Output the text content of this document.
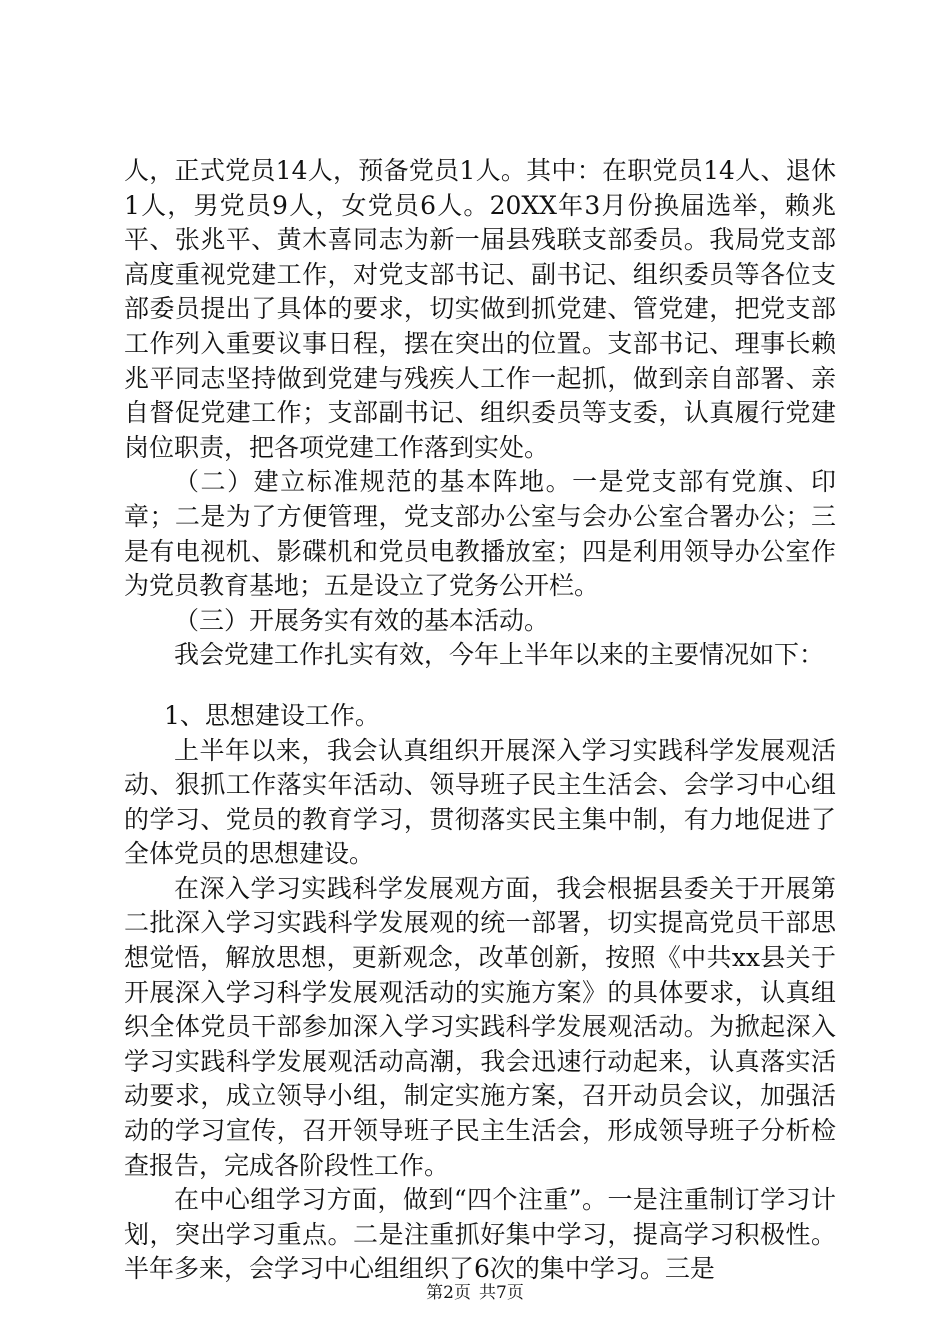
人，正式党员14人，预备党员1人。其中：在职党员14人、退休1人，男党员9人，女党员6人。20XX年3月份换届选举，赖兆平、张兆平、黄木喜同志为新一届县残联支部委员。我局党支部高度重视党建工作，对党支部书记、副书记、组织委员等各位支部委员提出了具体的要求，切实做到抓党建、管党建，把党支部工作列入重要议事日程，摆在突出的位置。支部书记、理事长赖兆平同志坚持做到党建与残疾人工作一起抓，做到亲自部署、亲自督促党建工作；支部副书记、组织委员等支委，认真履行党建岗位职责，把各项党建工作落到实处。

（二）建立标准规范的基本阵地。一是党支部有党旗、印章；二是为了方便管理，党支部办公室与会办公室合署办公；三是有电视机、影碟机和党员电教播放室；四是利用领导办公室作为党员教育基地；五是设立了党务公开栏。

（三）开展务实有效的基本活动。

我会党建工作扎实有效，今年上半年以来的主要情况如下：

1、思想建设工作。

上半年以来，我会认真组织开展深入学习实践科学发展观活动、狠抓工作落实年活动、领导班子民主生活会、会学习中心组的学习、党员的教育学习，贯彻落实民主集中制，有力地促进了全体党员的思想建设。

在深入学习实践科学发展观方面，我会根据县委关于开展第二批深入学习实践科学发展观的统一部署，切实提高党员干部思想觉悟，解放思想，更新观念，改革创新，按照《中共xx县关于开展深入学习科学发展观活动的实施方案》的具体要求，认真组织全体党员干部参加深入学习实践科学发展观活动。为掀起深入学习实践科学发展观活动高潮，我会迅速行动起来，认真落实活动要求，成立领导小组，制定实施方案，召开动员会议，加强活动的学习宣传，召开领导班子民主生活会，形成领导班子分析检查报告，完成各阶段性工作。

在中心组学习方面，做到“四个注重”。一是注重制订学习计划，突出学习重点。二是注重抓好集中学习，提高学习积极性。半年多来，会学习中心组组织了6次的集中学习。三是

第2页 共7页
